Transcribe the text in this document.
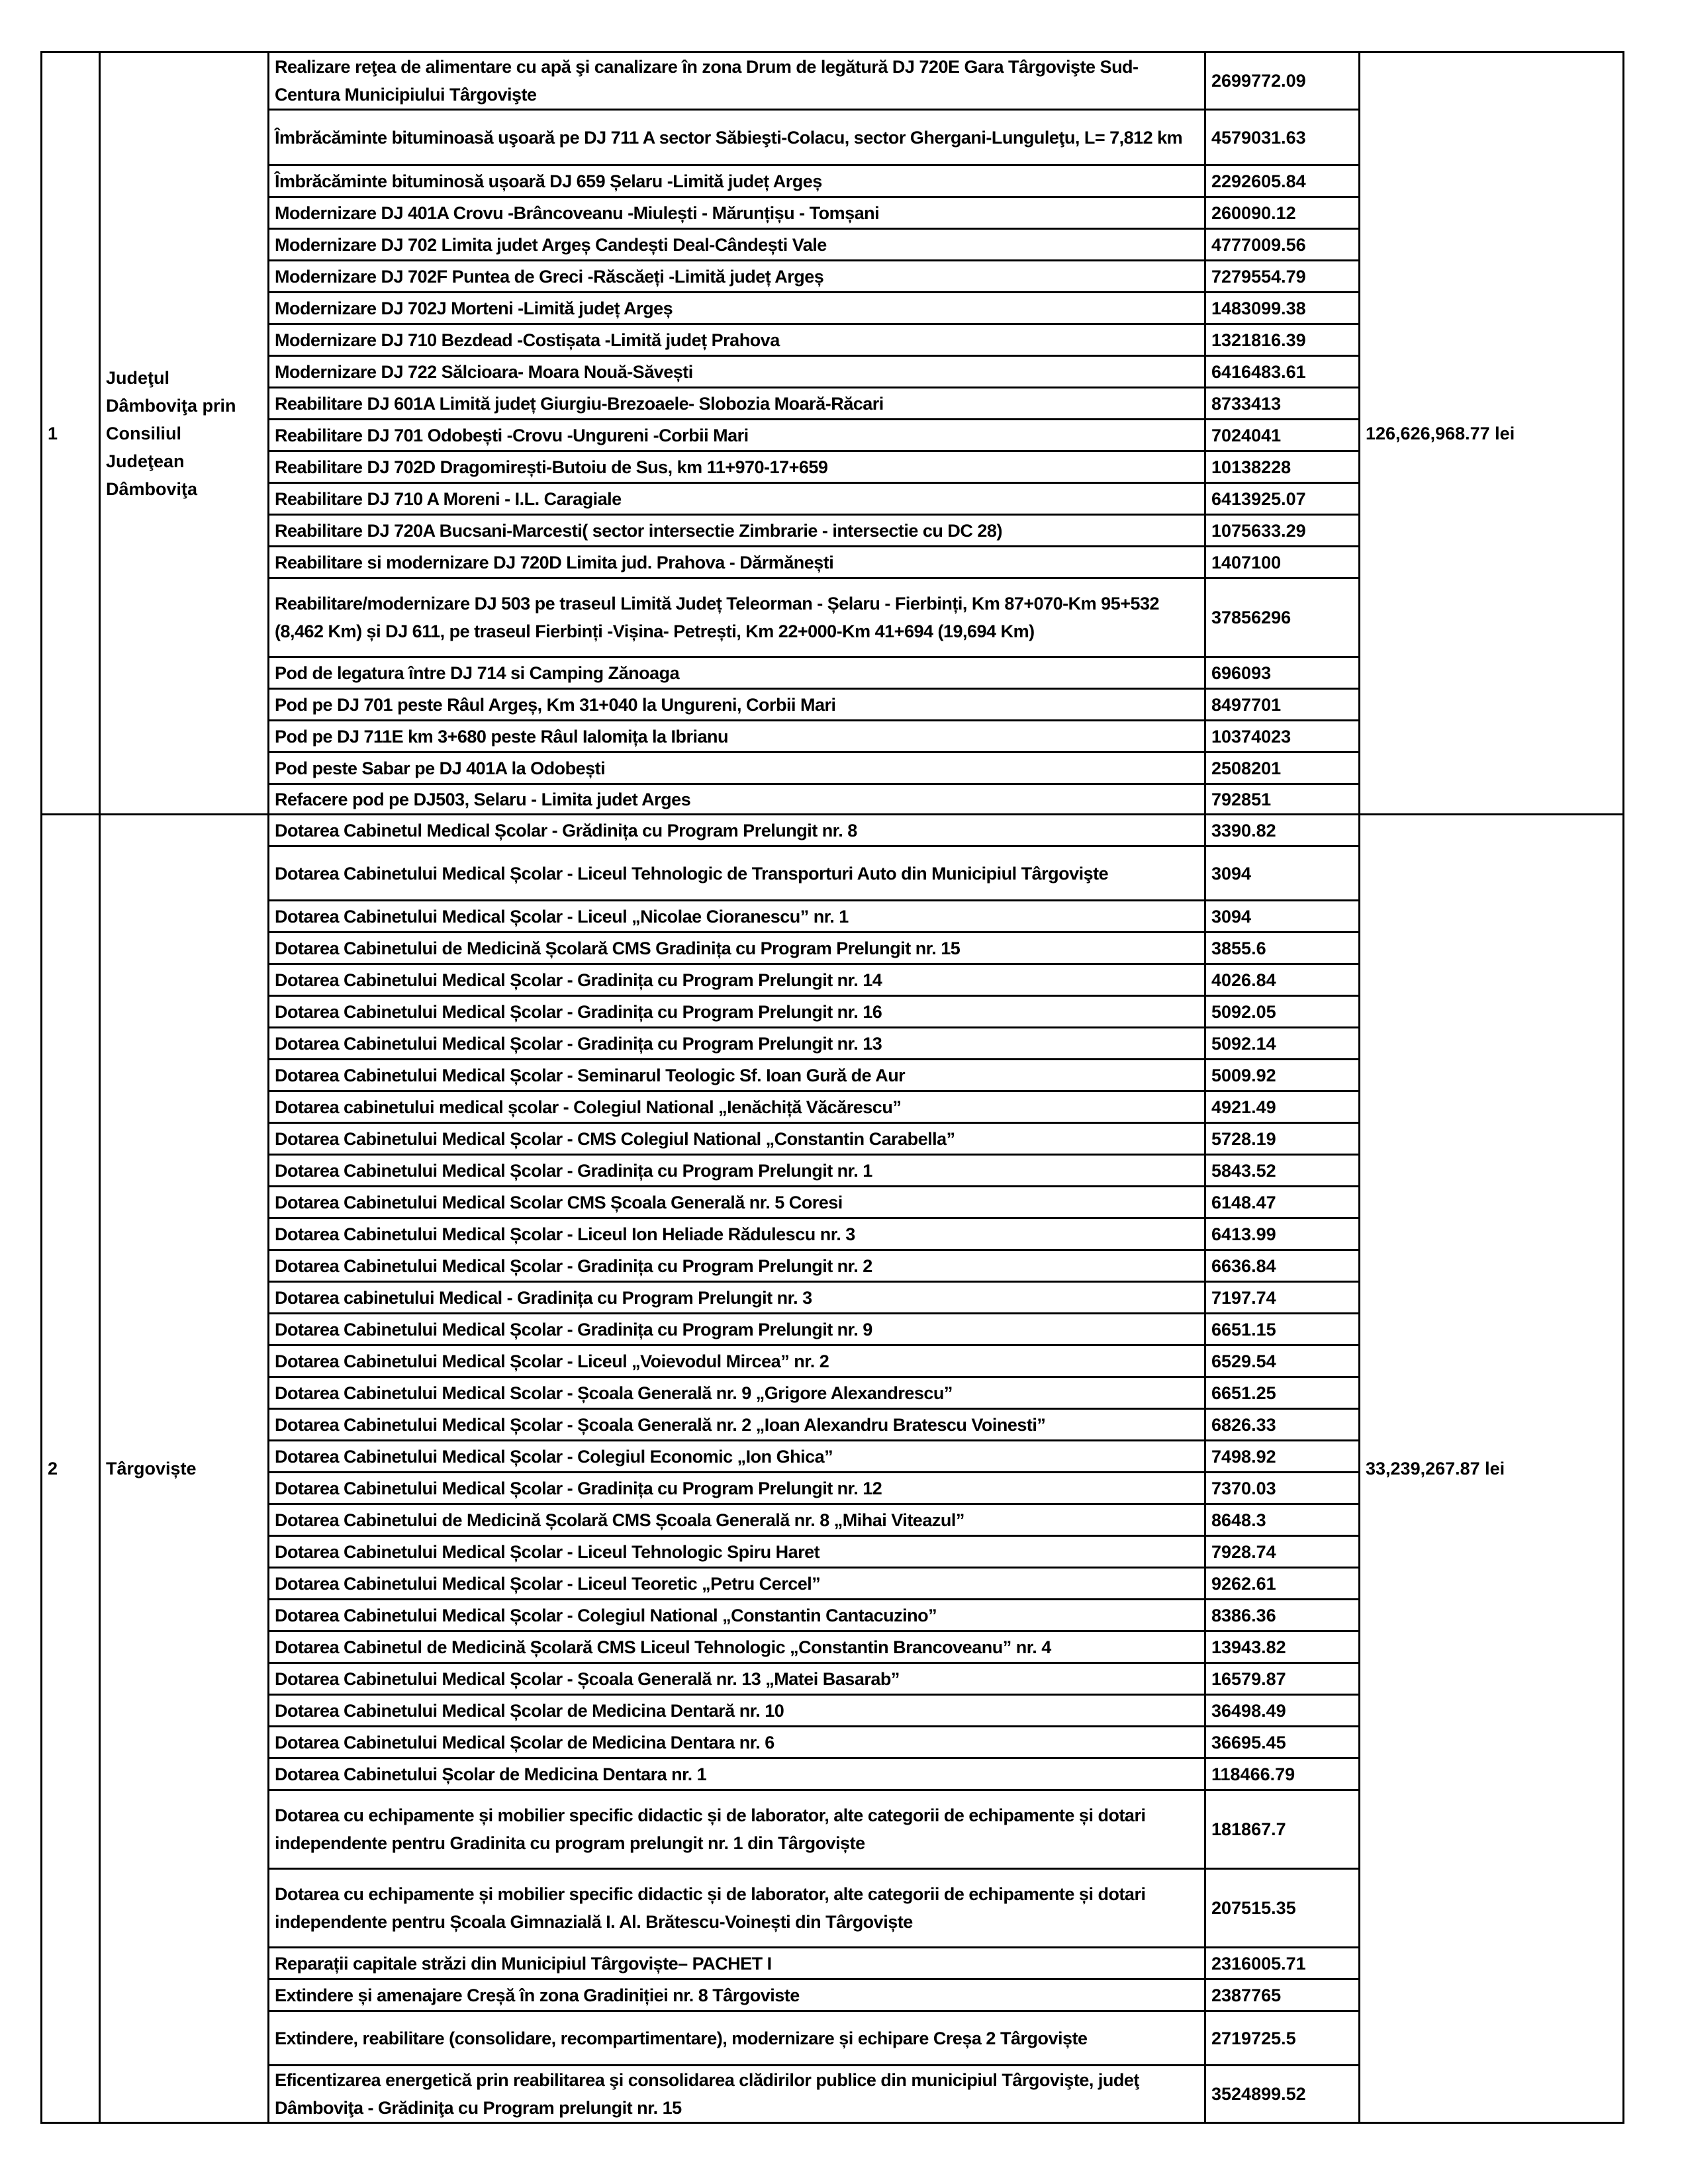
1	Judeţul Dâmboviţa prin Consiliul Judeţean Dâmboviţa	Realizare reţea de alimentare cu apă şi canalizare în zona Drum de legătură DJ 720E Gara Târgovişte Sud-Centura Municipiului Târgovişte	2699772.09	126,626,968.77 lei
		Îmbrăcăminte bituminoasă uşoară pe DJ 711 A sector Săbieşti-Colacu, sector Ghergani-Lunguleţu, L= 7,812 km	4579031.63	
		Îmbrăcăminte bituminosă ușoară DJ 659 Șelaru -Limită județ Argeș	2292605.84	
		Modernizare DJ 401A Crovu -Brâncoveanu -Miulești - Mărunțișu - Tomșani	260090.12	
		Modernizare DJ 702 Limita judet Argeș Candești Deal-Cândești Vale	4777009.56	
		Modernizare DJ 702F Puntea de Greci -Răscăeți -Limită județ Argeș	7279554.79	
		Modernizare DJ 702J Morteni -Limită județ Argeș	1483099.38	
		Modernizare DJ 710 Bezdead -Costișata -Limită județ Prahova	1321816.39	
		Modernizare DJ 722 Sălcioara- Moara Nouă-Săvești	6416483.61	
		Reabilitare DJ 601A Limită județ Giurgiu-Brezoaele- Slobozia Moară-Răcari	8733413	
		Reabilitare DJ 701 Odobești -Crovu -Ungureni -Corbii Mari	7024041	
		Reabilitare DJ 702D Dragomirești-Butoiu de Sus, km 11+970-17+659	10138228	
		Reabilitare DJ 710 A Moreni - I.L. Caragiale	6413925.07	
		Reabilitare DJ 720A Bucsani-Marcesti( sector intersectie Zimbrarie - intersectie cu DC 28)	1075633.29	
		Reabilitare si modernizare DJ 720D Limita jud. Prahova - Dărmănești	1407100	
		Reabilitare/modernizare DJ 503 pe traseul Limită Județ Teleorman - Șelaru - Fierbinți, Km 87+070-Km 95+532 (8,462 Km) și DJ 611, pe traseul Fierbinți -Vișina- Petrești, Km 22+000-Km 41+694 (19,694 Km)	37856296	
		Pod de legatura între DJ 714 si Camping Zănoaga	696093	
		Pod pe DJ 701 peste Râul Argeș, Km 31+040 la Ungureni, Corbii Mari	8497701	
		Pod pe DJ 711E km 3+680 peste Râul Ialomița la Ibrianu	10374023	
		Pod peste Sabar pe DJ 401A la Odobești	2508201	
		Refacere pod pe DJ503, Selaru - Limita judet Arges	792851	
2	Târgoviște	Dotarea Cabinetul Medical Școlar - Grădinița cu Program Prelungit nr. 8	3390.82	33,239,267.87 lei
		Dotarea Cabinetului Medical Școlar - Liceul Tehnologic de Transporturi Auto din Municipiul Târgovişte	3094	
		Dotarea Cabinetului Medical Școlar - Liceul „Nicolae Cioranescu” nr. 1	3094	
		Dotarea Cabinetului de Medicină Școlară CMS Gradinița cu Program Prelungit nr. 15	3855.6	
		Dotarea Cabinetului Medical Școlar - Gradinița cu Program Prelungit nr. 14	4026.84	
		Dotarea Cabinetului Medical Școlar - Gradinița cu Program Prelungit nr. 16	5092.05	
		Dotarea Cabinetului Medical Școlar - Gradinița cu Program Prelungit nr. 13	5092.14	
		Dotarea Cabinetului Medical Școlar - Seminarul Teologic Sf. Ioan Gură de Aur	5009.92	
		Dotarea cabinetului medical școlar - Colegiul National „Ienăchiță Văcărescu”	4921.49	
		Dotarea Cabinetului Medical Școlar - CMS Colegiul National „Constantin Carabella”	5728.19	
		Dotarea Cabinetului Medical Școlar - Gradinița cu Program Prelungit nr. 1	5843.52	
		Dotarea Cabinetului Medical Scolar CMS Școala Generală nr. 5 Coresi	6148.47	
		Dotarea Cabinetului Medical Școlar - Liceul Ion Heliade Rădulescu nr. 3	6413.99	
		Dotarea Cabinetului Medical Școlar - Gradinița cu Program Prelungit nr. 2	6636.84	
		Dotarea cabinetului Medical - Gradinița cu Program Prelungit nr. 3	7197.74	
		Dotarea Cabinetului Medical Școlar - Gradinița cu Program Prelungit nr. 9	6651.15	
		Dotarea Cabinetului Medical Școlar - Liceul „Voievodul Mircea” nr. 2	6529.54	
		Dotarea Cabinetului Medical Scolar - Școala Generală nr. 9 „Grigore Alexandrescu”	6651.25	
		Dotarea Cabinetului Medical Școlar - Școala Generală nr. 2 „Ioan Alexandru Bratescu Voinesti”	6826.33	
		Dotarea Cabinetului Medical Școlar - Colegiul Economic „Ion Ghica”	7498.92	
		Dotarea Cabinetului Medical Școlar - Gradinița cu Program Prelungit nr. 12	7370.03	
		Dotarea Cabinetului de Medicină Școlară CMS Școala Generală nr. 8 „Mihai Viteazul”	8648.3	
		Dotarea Cabinetului Medical Școlar - Liceul Tehnologic Spiru Haret	7928.74	
		Dotarea Cabinetului Medical Școlar - Liceul Teoretic „Petru Cercel”	9262.61	
		Dotarea Cabinetului Medical Școlar - Colegiul National „Constantin Cantacuzino”	8386.36	
		Dotarea Cabinetul de Medicină Școlară CMS Liceul Tehnologic „Constantin Brancoveanu” nr. 4	13943.82	
		Dotarea Cabinetului Medical Școlar - Școala Generală nr. 13 „Matei Basarab”	16579.87	
		Dotarea Cabinetului Medical Școlar de Medicina Dentară nr. 10	36498.49	
		Dotarea Cabinetului Medical Școlar de Medicina Dentara nr. 6	36695.45	
		Dotarea Cabinetului Școlar de Medicina Dentara nr. 1	118466.79	
		Dotarea cu echipamente și mobilier specific didactic și de laborator, alte categorii de echipamente și dotari independente pentru Gradinita cu program prelungit nr. 1 din Târgoviște	181867.7	
		Dotarea cu echipamente și mobilier specific didactic și de laborator, alte categorii de echipamente și dotari independente pentru Școala Gimnazială I. Al. Brătescu-Voinești din Târgoviște	207515.35	
		Reparații capitale străzi din Municipiul Târgoviște– PACHET I	2316005.71	
		Extindere și amenajare Creșă în zona Gradiniției nr. 8 Târgoviste	2387765	
		Extindere, reabilitare (consolidare, recompartimentare), modernizare și echipare Creșa 2 Târgoviște	2719725.5	
		Eficentizarea energetică prin reabilitarea şi consolidarea clădirilor publice din municipiul Târgovişte, judeţ Dâmboviţa - Grădiniţa cu Program prelungit nr. 15	3524899.52	
